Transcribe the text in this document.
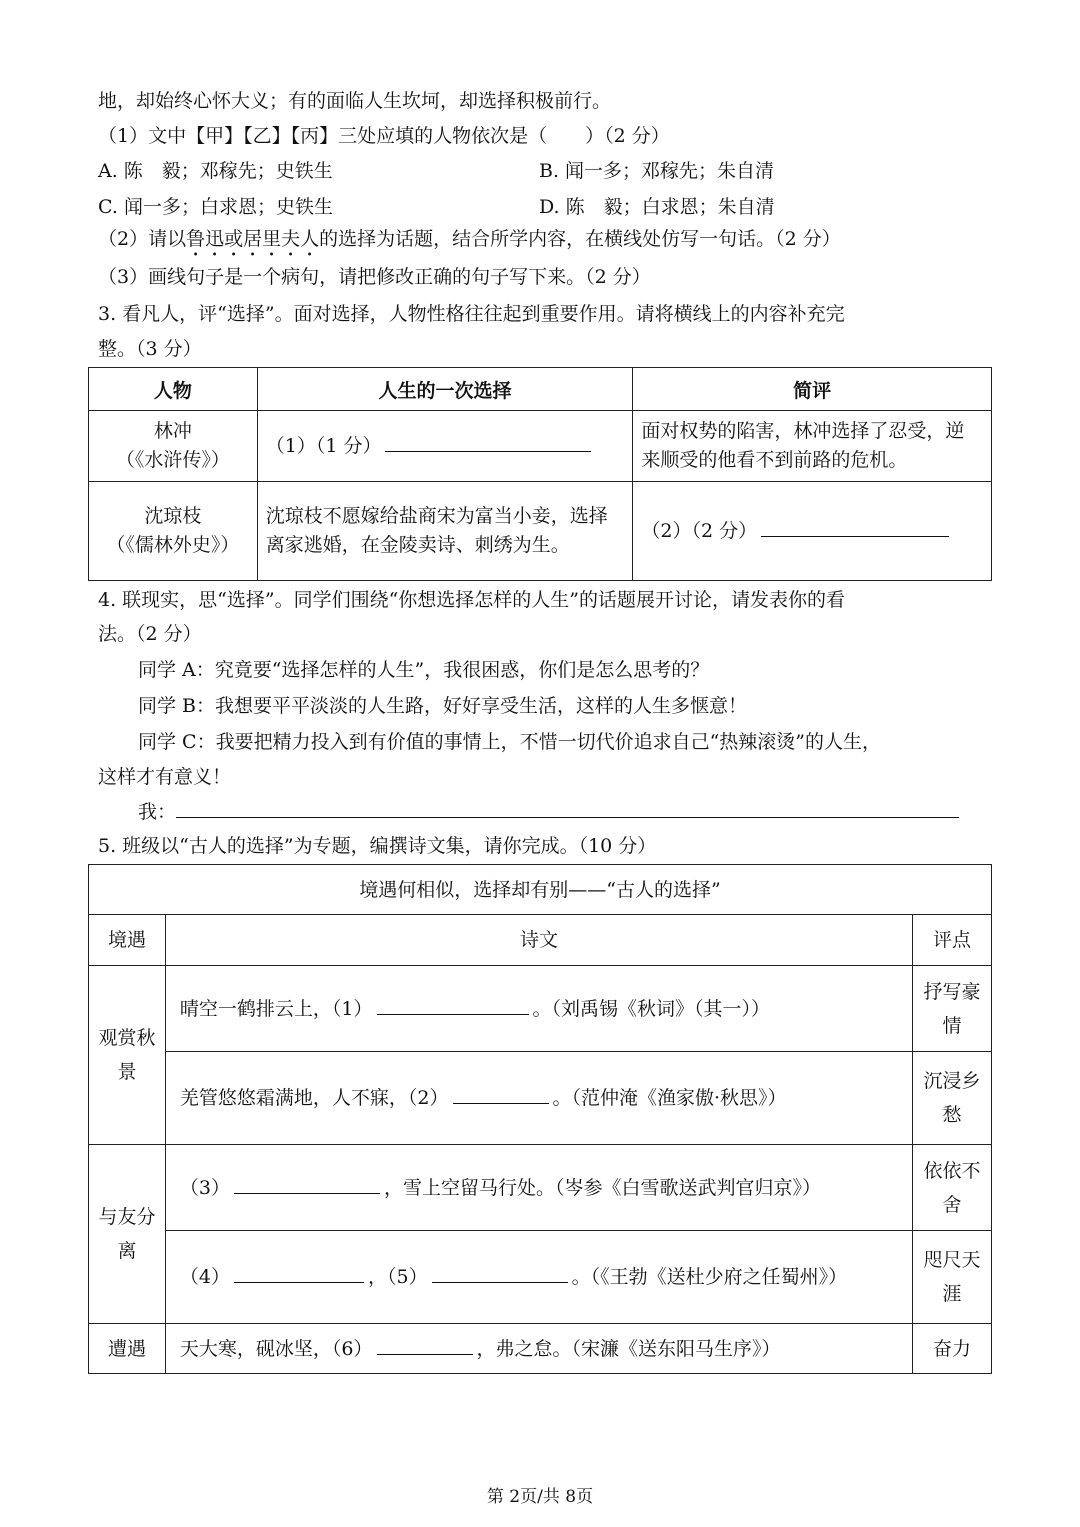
地，却始终心怀大义；有的面临人生坎坷，却选择积极前行。
（1）文中【甲】【乙】【丙】三处应填的人物依次是（　　）（2 分）
A. 陈　毅；邓稼先；史铁生	B. 闻一多；邓稼先；朱自清
C. 闻一多；白求恩；史铁生	D. 陈　毅；白求恩；朱自清
（2）请以鲁迅或居里夫人的选择为话题，结合所学内容，在横线处仿写一句话。（2 分）
（3）画线句子是一个病句，请把修改正确的句子写下来。（2 分）
3. 看凡人，评“选择”。面对选择，人物性格往往起到重要作用。请将横线上的内容补充完
整。（3 分）
人物	人生的一次选择	简评

林冲
（《水浒传》）	（1）（1 分）	面对权势的陷害，林冲选择了忍受，逆来顺受的他看不到前路的危机。

沈琼枝
（《儒林外史》）	沈琼枝不愿嫁给盐商宋为富当小妾，选择离家逃婚，在金陵卖诗、刺绣为生。	（2）（2 分）
4. 联现实，思“选择”。同学们围绕“你想选择怎样的人生”的话题展开讨论，请发表你的看
法。（2 分）
同学 A：究竟要“选择怎样的人生”，我很困惑，你们是怎么思考的？
同学 B：我想要平平淡淡的人生路，好好享受生活，这样的人生多惬意！
同学 C：我要把精力投入到有价值的事情上，不惜一切代价追求自己“热辣滚烫”的人生，
这样才有意义！
我：
5. 班级以“古人的选择”为专题，编撰诗文集，请你完成。（10 分）
境遇何相似，选择却有别——“古人的选择”		
境遇	诗文	评点
观赏秋景	晴空一鹤排云上，（1） 。（刘禹锡《秋词》（其一））	抒写豪情
	羌管悠悠霜满地，人不寐，（2） 。（范仲淹《渔家傲·秋思》）	沉浸乡愁
与友分离	（3） ，雪上空留马行处。（岑参《白雪歌送武判官归京》）	依依不舍
	（4） ，（5） 。（《王勃《送杜少府之任蜀州》）	咫尺天涯
遭遇	天大寒，砚冰坚，（6） ，弗之怠。（宋濂《送东阳马生序》）	奋力
第 2页/共 8页
